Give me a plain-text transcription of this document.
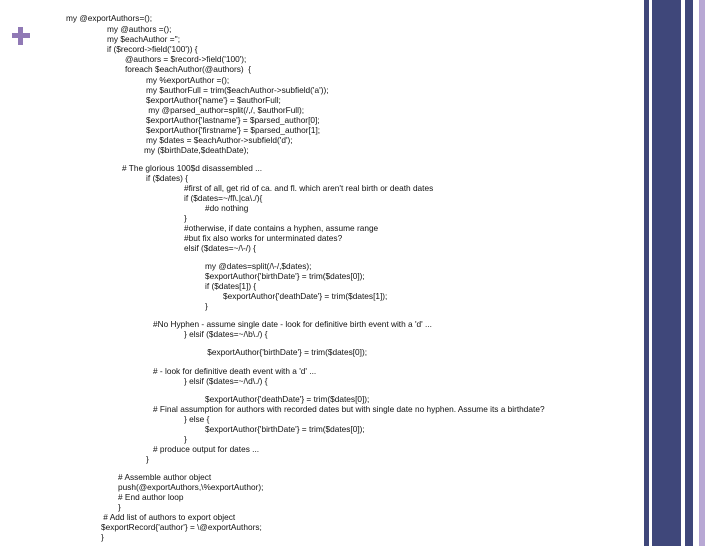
my @exportAuthors=();
my @authors =();
my $eachAuthor ='';
if ($record->field('100')) {
@authors = $record->field('100');
foreach $eachAuthor(@authors)  {
my %exportAuthor =();
my $authorFull = trim($eachAuthor->subfield('a'));
$exportAuthor{'name'} = $authorFull;
my @parsed_author=split(/,/, $authorFull);
$exportAuthor{'lastname'} = $parsed_author[0];
$exportAuthor{'firstname'} = $parsed_author[1];
my $dates = $eachAuthor->subfield('d');
my ($birthDate,$deathDate);
# The glorious 100$d disassembled ...
if ($dates) {
#first of all, get rid of ca. and fl. which aren't real birth or death dates
if ($dates=~/fl\.|ca\./){
#do nothing
}
#otherwise, if date contains a hyphen, assume range
#but fix also works for unterminated dates?
elsif ($dates=~/\-/) {
my @dates=split(/\-/,$dates);
$exportAuthor{'birthDate'} = trim($dates[0]);
if ($dates[1]) {
$exportAuthor{'deathDate'} = trim($dates[1]);
}
#No Hyphen - assume single date - look for definitive birth event with a 'd' ...
} elsif ($dates=~/\b\./) {
$exportAuthor{'birthDate'} = trim($dates[0]);
# - look for definitive death event with a 'd' ...
} elsif ($dates=~/\d\./) {
$exportAuthor{'deathDate'} = trim($dates[0]);
# Final assumption for authors with recorded dates but with single date no hyphen. Assume its a birthdate?
} else {
$exportAuthor{'birthDate'} = trim($dates[0]);
}
# produce output for dates ...
}
# Assemble author object
push(@exportAuthors,\%exportAuthor);
# End author loop
}
# Add list of authors to export object
$exportRecord{'author'} = \@exportAuthors;
}
